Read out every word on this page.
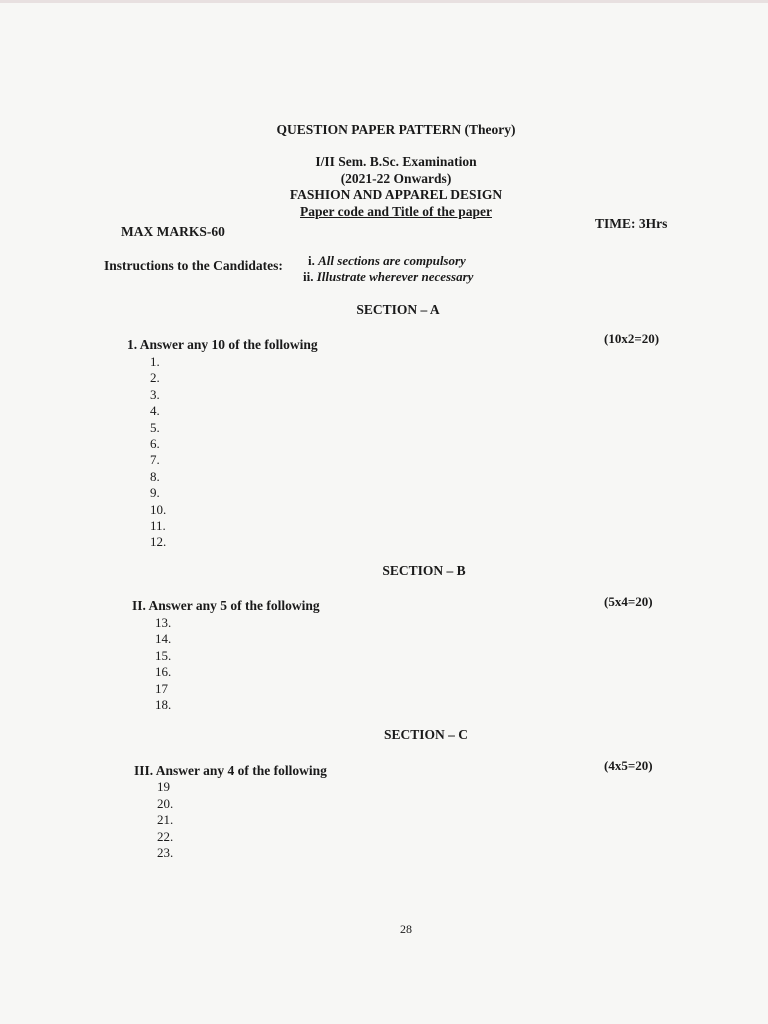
QUESTION PAPER PATTERN (Theory)
I/II Sem. B.Sc. Examination
(2021-22 Onwards)
FASHION AND APPAREL DESIGN
Paper code and Title of the paper
MAX MARKS-60
TIME: 3Hrs
Instructions to the Candidates: i. All sections are compulsory
ii. Illustrate wherever necessary
SECTION – A
1. Answer any 10 of the following	(10x2=20)
1.
2.
3.
4.
5.
6.
7.
8.
9.
10.
11.
12.
SECTION – B
II. Answer any 5 of the following	(5x4=20)
13.
14.
15.
16.
17
18.
SECTION – C
III. Answer any 4 of the following	(4x5=20)
19
20.
21.
22.
23.
28
